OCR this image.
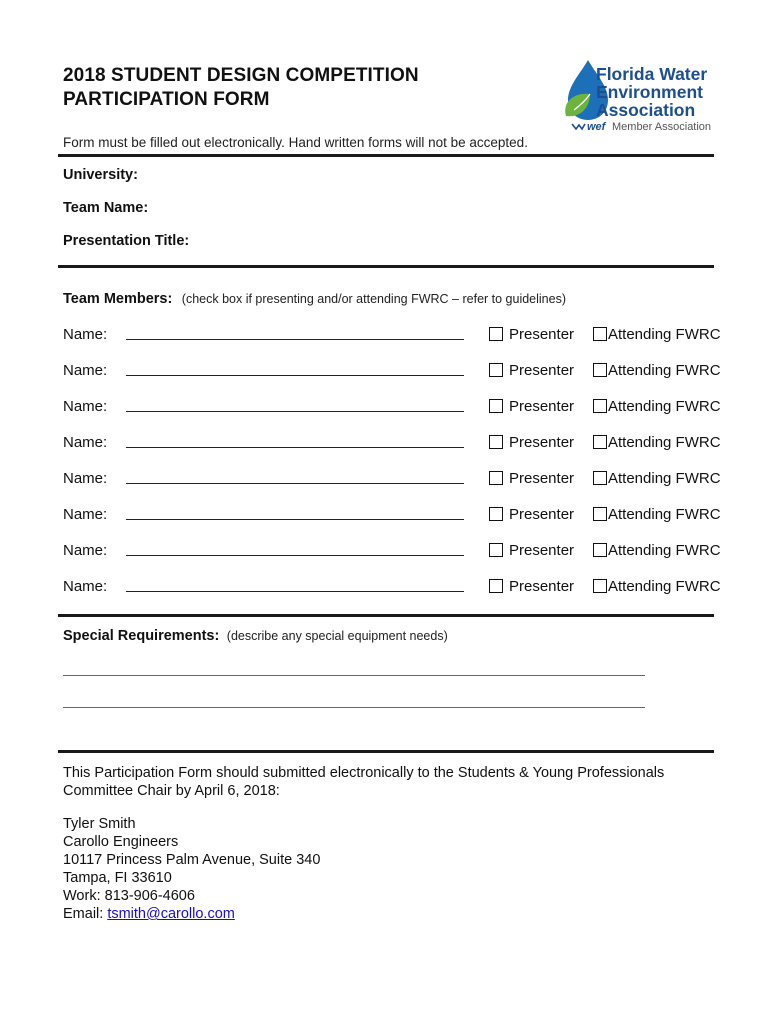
2018 STUDENT DESIGN COMPETITION
PARTICIPATION FORM
Florida Water
Environment
Association
wef Member Association
Form must be filled out electronically. Hand written forms will not be accepted.
University:
Team Name:
Presentation Title:
Team Members: (check box if presenting and/or attending FWRC – refer to guidelines)
Name:	Presenter Attending FWRC
Name:	Presenter Attending FWRC
Name:	Presenter Attending FWRC
Name:	Presenter Attending FWRC
Name:	Presenter Attending FWRC
Name:	Presenter Attending FWRC
Name:	Presenter Attending FWRC
Name:	Presenter Attending FWRC
Special Requirements: (describe any special equipment needs)
This Participation Form should submitted electronically to the Students & Young Professionals
Committee Chair by April 6, 2018:
Tyler Smith
Carollo Engineers
10117 Princess Palm Avenue, Suite 340
Tampa, FI 33610
Work: 813-906-4606
Email: tsmith@carollo.com
